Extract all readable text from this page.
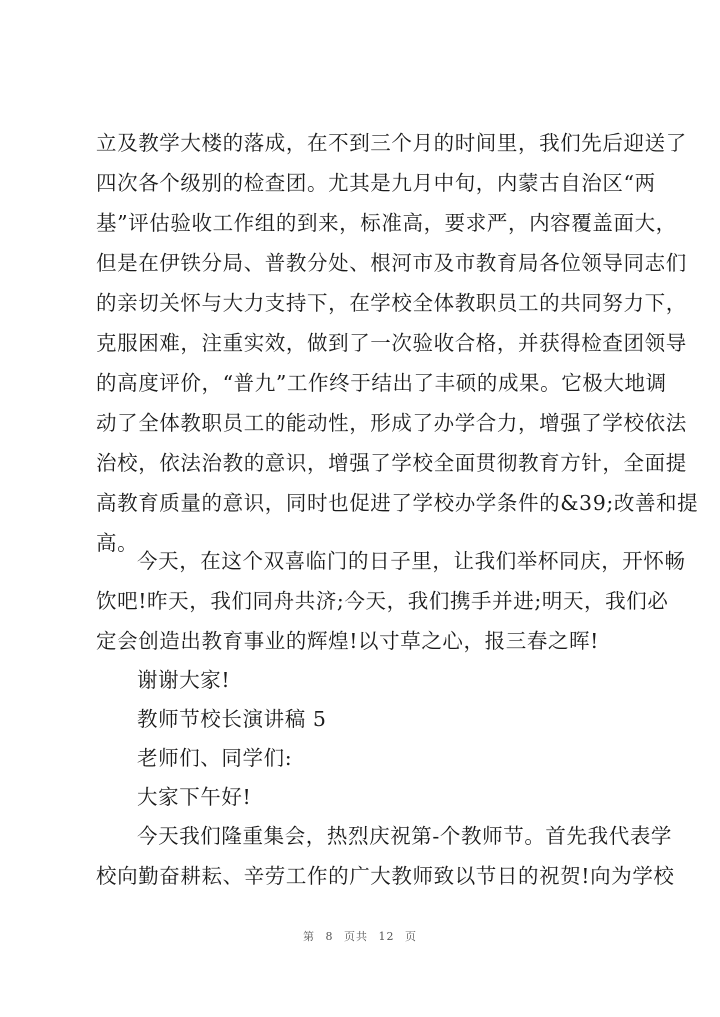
立及教学大楼的落成，在不到三个月的时间里，我们先后迎送了
四次各个级别的检查团。尤其是九月中旬，内蒙古自治区“两
基”评估验收工作组的到来，标准高，要求严，内容覆盖面大，
但是在伊铁分局、普教分处、根河市及市教育局各位领导同志们
的亲切关怀与大力支持下，在学校全体教职员工的共同努力下，
克服困难，注重实效，做到了一次验收合格，并获得检查团领导
的高度评价，“普九”工作终于结出了丰硕的成果。它极大地调
动了全体教职员工的能动性，形成了办学合力，增强了学校依法
治校，依法治教的意识，增强了学校全面贯彻教育方针，全面提
高教育质量的意识，同时也促进了学校办学条件的&39;改善和提
高。
今天，在这个双喜临门的日子里，让我们举杯同庆，开怀畅
饮吧!昨天，我们同舟共济;今天，我们携手并进;明天，我们必
定会创造出教育事业的辉煌!以寸草之心，报三春之晖!
谢谢大家!
教师节校长演讲稿 5
老师们、同学们:
大家下午好!
今天我们隆重集会，热烈庆祝第-个教师节。首先我代表学
校向勤奋耕耘、辛劳工作的广大教师致以节日的祝贺!向为学校
第 8 页共 12 页
